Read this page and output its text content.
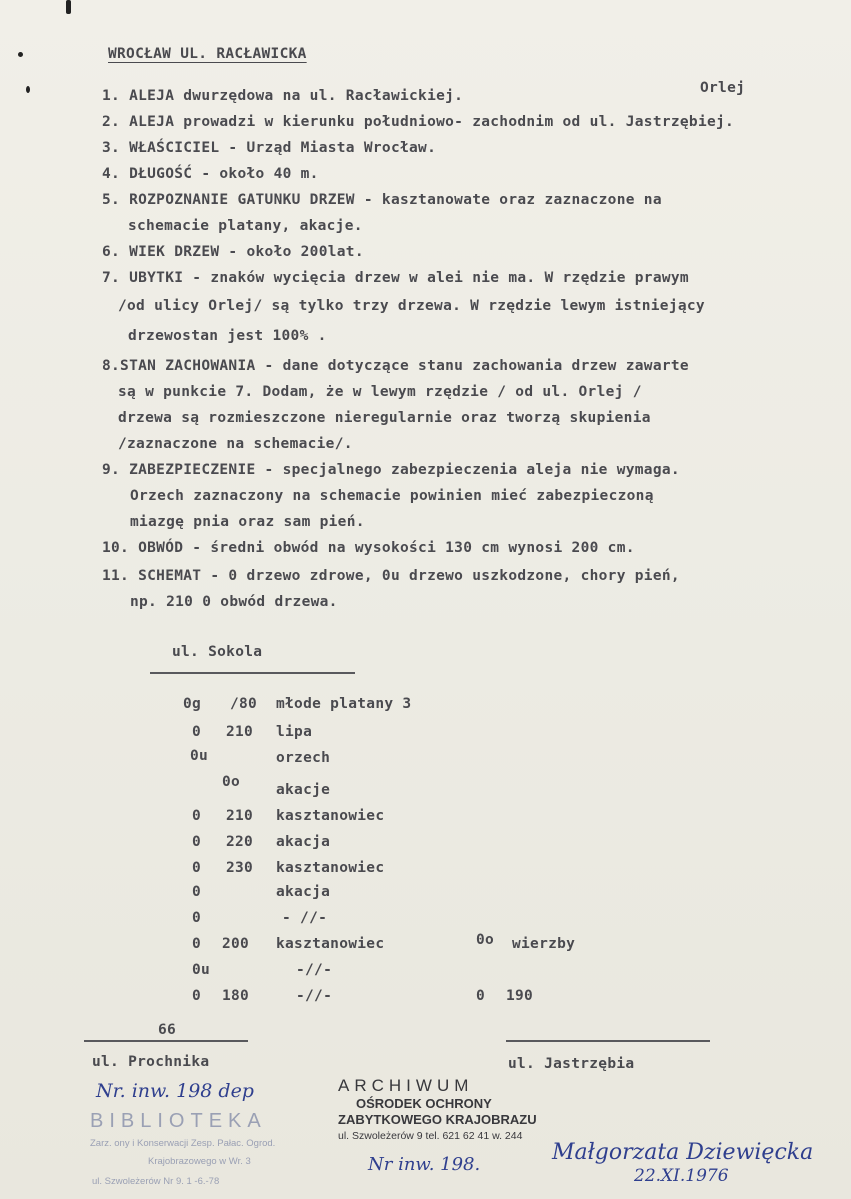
WROCŁAW UL. RACŁAWICKA
Orlej
1. ALEJA dwurzędowa na ul. Racławickiej.
2. ALEJA prowadzi w kierunku południowo- zachodnim od ul. Jastrzębiej.
3. WŁAŚCICIEL - Urząd Miasta Wrocław.
4. DŁUGOŚĆ - około 40 m.
5. ROZPOZNANIE GATUNKU DRZEW - kasztanowate oraz zaznaczone na
schemacie platany, akacje.
6. WIEK DRZEW - około 200lat.
7. UBYTKI - znaków wycięcia drzew w alei nie ma. W rzędzie prawym
/od ulicy Orlej/ są tylko trzy drzewa. W rzędzie lewym istniejący
drzewostan jest 100% .
8.STAN ZACHOWANIA - dane dotyczące stanu zachowania drzew zawarte
są w punkcie 7. Dodam, że w lewym rzędzie / od ul. Orlej /
drzewa są rozmieszczone nieregularnie oraz tworzą skupienia
/zaznaczone na schemacie/.
9. ZABEZPIECZENIE - specjalnego zabezpieczenia aleja nie wymaga.
Orzech zaznaczony na schemacie powinien mieć zabezpieczoną
miazgę pnia oraz sam pień.
10. OBWÓD - średni obwód na wysokości 130 cm wynosi 200 cm.
11. SCHEMAT - 0 drzewo zdrowe, 0u drzewo uszkodzone, chory pień,
np. 210 0 obwód drzewa.
ul. Sokola
0g /80 młode platany 3
0 210 lipa
0u	orzech
0o akacje
0 210 kasztanowiec
0 220 akacja
0 230 kasztanowiec
0	akacja
0	- //-
0 200 kasztanowiec
0u	-//-
0 180	-//-
0o wierzby
0 190
66
ul. Prochnika	ul. Jastrzębia
Nr. inw. 198 dep	ARCHIWUM
OŚRODEK OCHRONY
ZABYTKOWEGO KRAJOBRAZU
ul. Szwoleżerów 9 tel. 621 62 41 w. 244
Nr inw. 198.	Małgorzata Dziewięcka
22.XI.1976
BIBLIOTEKA
Zarz. ony i Konserwacji Zesp. Pałac. Ogrod.
Krajobrazowego w Wr. 3
ul. Szwoleżerów Nr 9. 1 -6.-78
